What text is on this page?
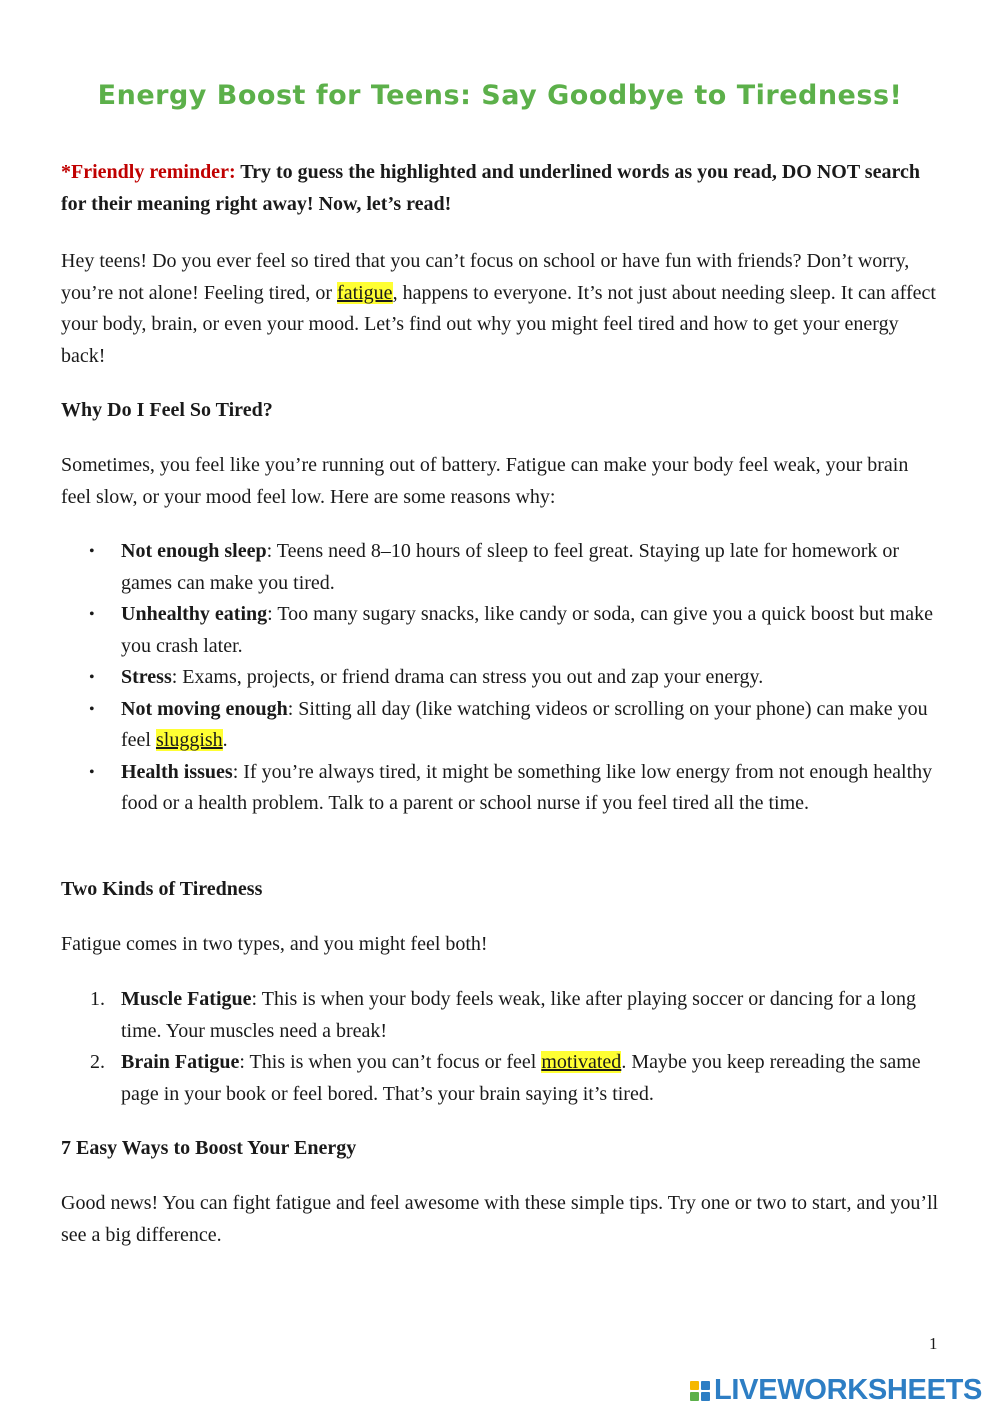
Energy Boost for Teens: Say Goodbye to Tiredness!
*Friendly reminder: Try to guess the highlighted and underlined words as you read, DO NOT search for their meaning right away! Now, let’s read!
Hey teens! Do you ever feel so tired that you can’t focus on school or have fun with friends? Don’t worry, you’re not alone! Feeling tired, or fatigue, happens to everyone. It’s not just about needing sleep. It can affect your body, brain, or even your mood. Let’s find out why you might feel tired and how to get your energy back!
Why Do I Feel So Tired?
Sometimes, you feel like you’re running out of battery. Fatigue can make your body feel weak, your brain feel slow, or your mood feel low. Here are some reasons why:
• Not enough sleep: Teens need 8–10 hours of sleep to feel great. Staying up late for homework or games can make you tired.
• Unhealthy eating: Too many sugary snacks, like candy or soda, can give you a quick boost but make you crash later.
• Stress: Exams, projects, or friend drama can stress you out and zap your energy.
• Not moving enough: Sitting all day (like watching videos or scrolling on your phone) can make you feel sluggish.
• Health issues: If you’re always tired, it might be something like low energy from not enough healthy food or a health problem. Talk to a parent or school nurse if you feel tired all the time.
Two Kinds of Tiredness
Fatigue comes in two types, and you might feel both!
1. Muscle Fatigue: This is when your body feels weak, like after playing soccer or dancing for a long time. Your muscles need a break!
2. Brain Fatigue: This is when you can’t focus or feel motivated. Maybe you keep rereading the same page in your book or feel bored. That’s your brain saying it’s tired.
7 Easy Ways to Boost Your Energy
Good news! You can fight fatigue and feel awesome with these simple tips. Try one or two to start, and you’ll see a big difference.
1
LIVEWORKSHEETS
